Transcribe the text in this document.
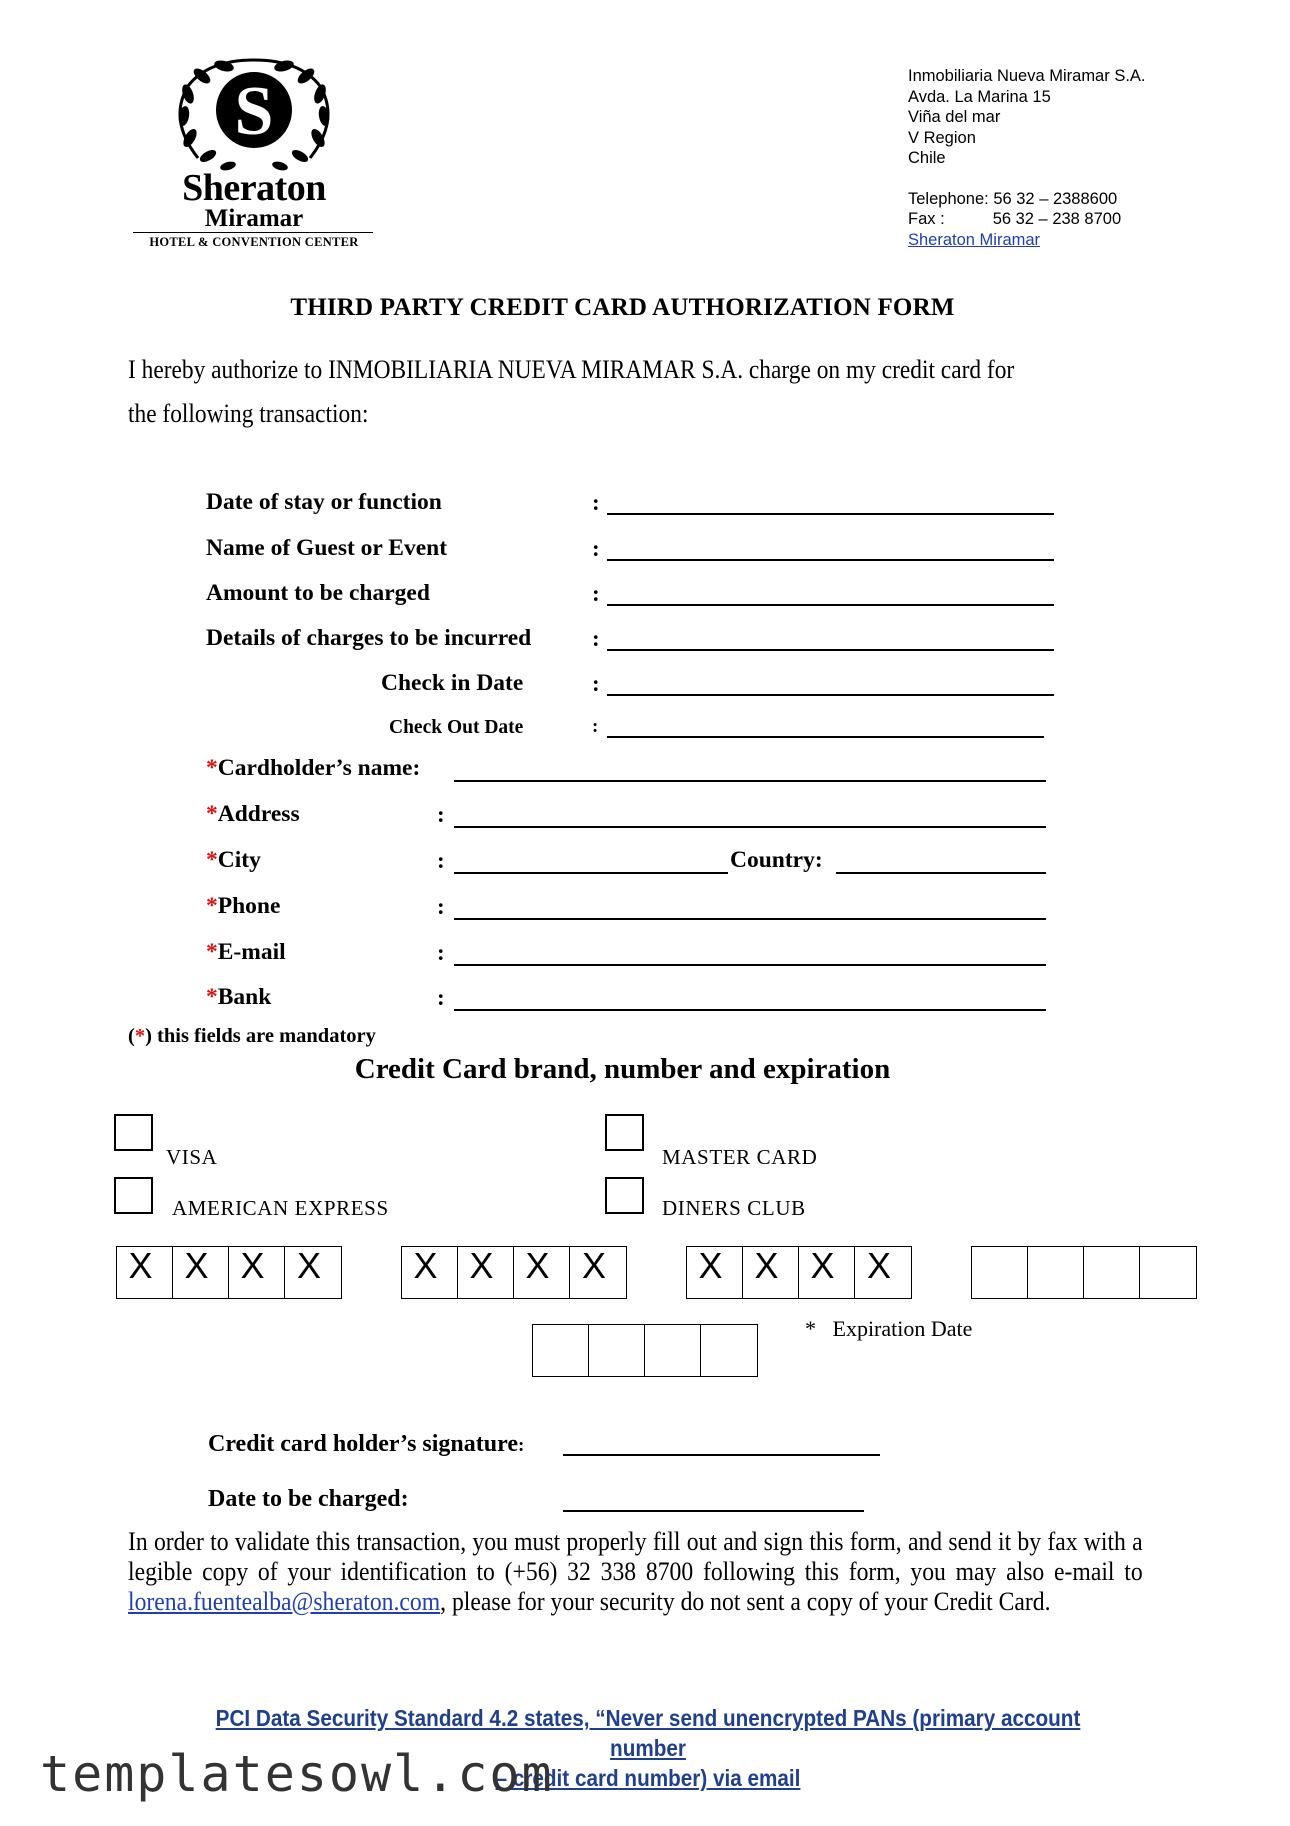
S
Sheraton
Miramar
HOTEL & CONVENTION CENTER
Inmobiliaria Nueva Miramar S.A.
Avda. La Marina 15
Viña del mar
V Region
Chile
Telephone: 56 32 – 2388600
Fax :	56 32 – 238 8700
Sheraton Miramar
THIRD PARTY CREDIT CARD AUTHORIZATION FORM
I hereby authorize to INMOBILIARIA NUEVA MIRAMAR S.A. charge on my credit card for the following transaction:
Date of stay or function	:
Name of Guest or Event	:
Amount to be charged	:
Details of charges to be incurred	:
Check in Date	:
Check Out Date	:
*Cardholder’s name:
*Address	:
*City	:	Country:
*Phone	:
*E-mail	:
*Bank	:
(*) this fields are mandatory
Credit Card brand, number and expiration
VISA	MASTER CARD
AMERICAN EXPRESS	DINERS CLUB
X X X X	X X X X	X X X X
*   Expiration Date
Credit card holder’s signature:
Date to be charged:
In order to validate this transaction, you must properly fill out and sign this form, and send it by fax with a legible copy of your identification to (+56) 32 338 8700 following this form, you may also e-mail to lorena.fuentealba@sheraton.com, please for your security do not sent a copy of your Credit Card.
PCI Data Security Standard 4.2 states, “Never send unencrypted PANs (primary account number
– credit card number) via email
templatesowl.com
